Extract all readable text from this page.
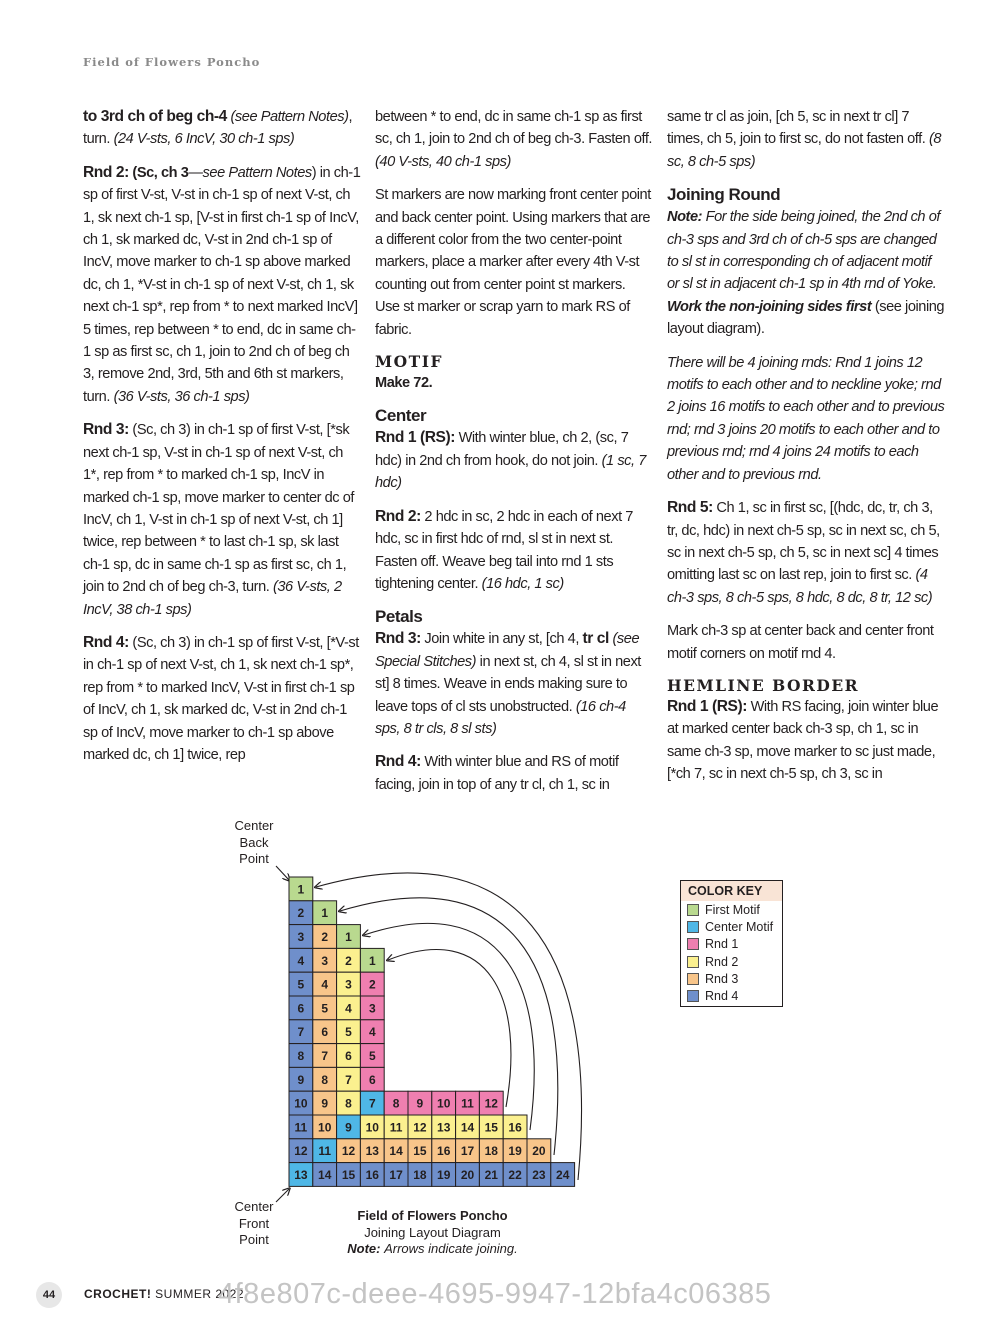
Field of Flowers Poncho

to 3rd ch of beg ch-4 (see Pattern Notes), turn. (24 V-sts, 6 IncV, 30 ch-1 sps)

Rnd 2: (Sc, ch 3—see Pattern Notes) in ch-1 sp of first V-st, V-st in ch-1 sp of next V-st, ch 1, sk next ch-1 sp, [V-st in first ch-1 sp of IncV, ch 1, sk marked dc, V-st in 2nd ch-1 sp of IncV, move marker to ch-1 sp above marked dc, ch 1, *V-st in ch-1 sp of next V-st, ch 1, sk next ch-1 sp*, rep from * to next marked IncV] 5 times, rep between * to end, dc in same ch-1 sp as first sc, ch 1, join to 2nd ch of beg ch 3, remove 2nd, 3rd, 5th and 6th st markers, turn. (36 V-sts, 36 ch-1 sps)

Rnd 3: (Sc, ch 3) in ch-1 sp of first V-st, [*sk next ch-1 sp, V-st in ch-1 sp of next V-st, ch 1*, rep from * to marked ch-1 sp, IncV in marked ch-1 sp, move marker to center dc of IncV, ch 1, V-st in ch-1 sp of next V-st, ch 1] twice, rep between * to last ch-1 sp, sk last ch-1 sp, dc in same ch-1 sp as first sc, ch 1, join to 2nd ch of beg ch-3, turn. (36 V-sts, 2 IncV, 38 ch-1 sps)

Rnd 4: (Sc, ch 3) in ch-1 sp of first V-st, [*V-st in ch-1 sp of next V-st, ch 1, sk next ch-1 sp*, rep from * to marked IncV, V-st in first ch-1 sp of IncV, ch 1, sk marked dc, V-st in 2nd ch-1 sp of IncV, move marker to ch-1 sp above marked dc, ch 1] twice, rep

between * to end, dc in same ch-1 sp as first sc, ch 1, join to 2nd ch of beg ch-3. Fasten off. (40 V-sts, 40 ch-1 sps)

St markers are now marking front center point and back center point. Using markers that are a different color from the two center-point markers, place a marker after every 4th V-st counting out from center point st markers. Use st marker or scrap yarn to mark RS of fabric.

MOTIF
Make 72.
Center

Rnd 1 (RS): With winter blue, ch 2, (sc, 7 hdc) in 2nd ch from hook, do not join. (1 sc, 7 hdc)

Rnd 2: 2 hdc in sc, 2 hdc in each of next 7 hdc, sc in first hdc of rnd, sl st in next st. Fasten off. Weave beg tail into rnd 1 sts tightening center. (16 hdc, 1 sc)

Petals

Rnd 3: Join white in any st, [ch 4, tr cl (see Special Stitches) in next st, ch 4, sl st in next st] 8 times. Weave in ends making sure to leave tops of cl sts unobstructed. (16 ch-4 sps, 8 tr cls, 8 sl sts)

Rnd 4: With winter blue and RS of motif facing, join in top of any tr cl, ch 1, sc in

same tr cl as join, [ch 5, sc in next tr cl] 7 times, ch 5, join to first sc, do not fasten off. (8 sc, 8 ch-5 sps)

Joining Round

Note: For the side being joined, the 2nd ch of ch-3 sps and 3rd ch of ch-5 sps are changed to sl st in corresponding ch of adjacent motif or sl st in adjacent ch-1 sp in 4th rnd of Yoke. Work the non-joining sides first (see joining layout diagram).

There will be 4 joining rnds: Rnd 1 joins 12 motifs to each other and to neckline yoke; rnd 2 joins 16 motifs to each other and to previous rnd; rnd 3 joins 20 motifs to each other and to previous rnd; rnd 4 joins 24 motifs to each other and to previous rnd.

Rnd 5: Ch 1, sc in first sc, [(hdc, dc, tr, ch 3, tr, dc, hdc) in next ch-5 sp, sc in next sc, ch 5, sc in next ch-5 sp, ch 5, sc in next sc] 4 times omitting last sc on last rep, join to first sc. (4 ch-3 sps, 8 ch-5 sps, 8 hdc, 8 dc, 8 tr, 12 sc)

Mark ch-3 sp at center back and center front motif corners on motif rnd 4.

HEMLINE BORDER

Rnd 1 (RS): With RS facing, join winter blue at marked center back ch-3 sp, ch 1, sc in same ch-3 sp, move marker to sc just made, [*ch 7, sc in next ch-5 sp, ch 3, sc in

Center
Back
Point
Center
Front
Point
1
2 1
3 2 1
4 3 2 1
5 4 3 2
6 5 4 3
7 6 5 4
8 7 6 5
9 8 7 6
10 9 8 7 8 9 10 11 12
11 10 9 10 11 12 13 14 15 16
12 11 12 13 14 15 16 17 18 19 20
13 14 15 16 17 18 19 20 21 22 23 24
COLOR KEY
First Motif
Center Motif
Rnd 1
Rnd 2
Rnd 3
Rnd 4
Field of Flowers Poncho
Joining Layout Diagram
Note: Arrows indicate joining.
44	CROCHET! SUMMER 2022
4f8e807c-deee-4695-9947-12bfa4c06385
